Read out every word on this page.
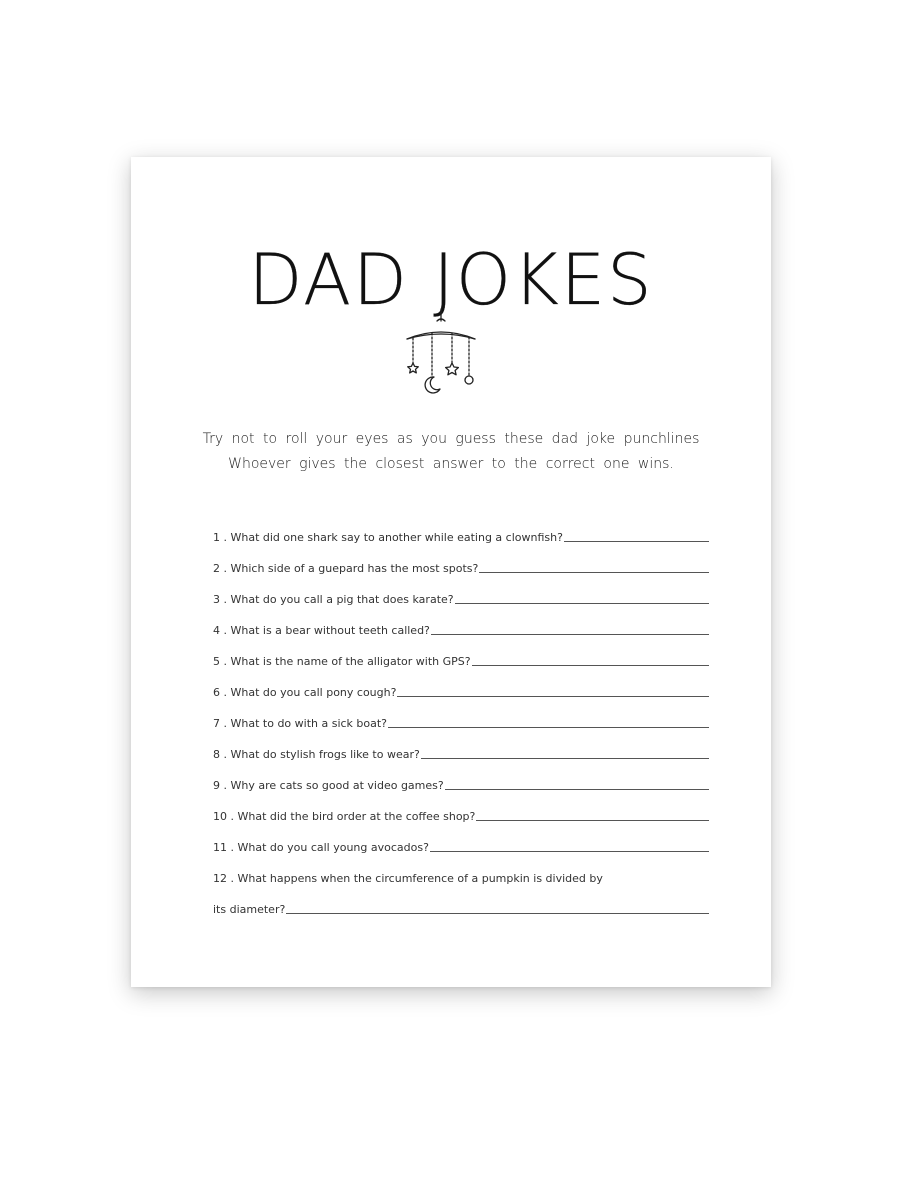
DAD JOKES
Try not to roll your eyes as you guess these dad joke punchlines
Whoever gives the closest answer to the correct one wins.
1 . What did one shark say to another while eating a clownfish?
2 . Which side of a guepard has the most spots?
3 . What do you call a pig that does karate?
4 . What is a bear without teeth called?
5 . What is the name of the alligator with GPS?
6 . What do you call pony cough?
7 . What to do with a sick boat?
8 . What do stylish frogs like to wear?
9 . Why are cats so good at video games?
10 . What did the bird order at the coffee shop?
11 . What do you call young avocados?
12 . What happens when the circumference of a pumpkin is divided by
its diameter?
